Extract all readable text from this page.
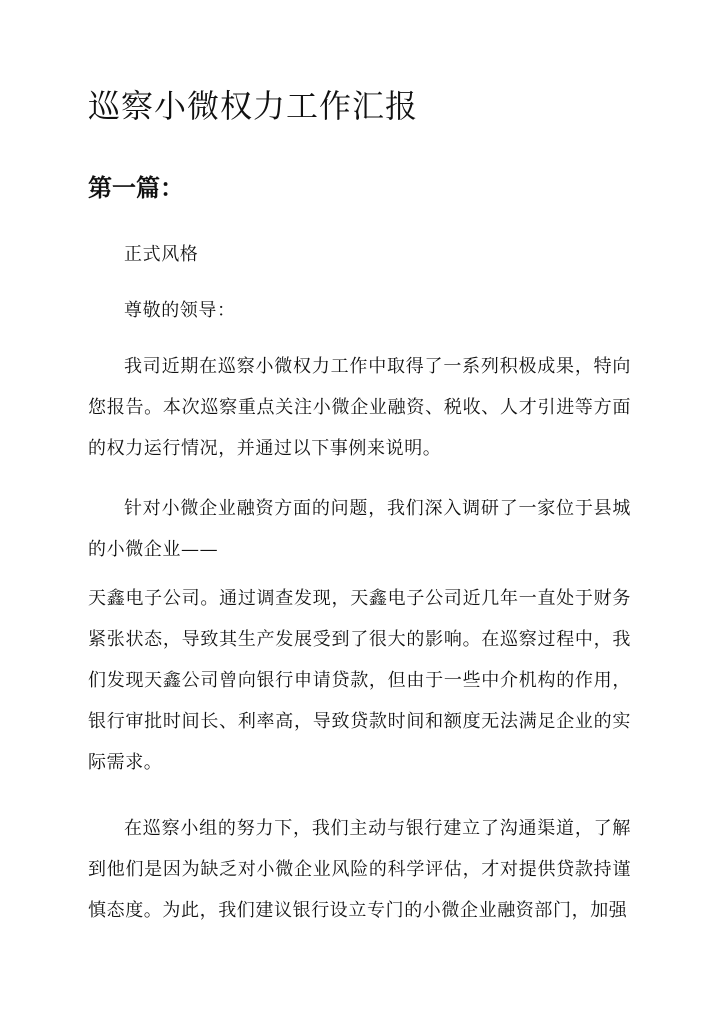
巡察小微权力工作汇报
第一篇：

正式风格

尊敬的领导：

我司近期在巡察小微权力工作中取得了一系列积极成果，特向您报告。本次巡察重点关注小微企业融资、税收、人才引进等方面的权力运行情况，并通过以下事例来说明。

针对小微企业融资方面的问题，我们深入调研了一家位于县城的小微企业——

天鑫电子公司。通过调查发现，天鑫电子公司近几年一直处于财务紧张状态，导致其生产发展受到了很大的影响。在巡察过程中，我们发现天鑫公司曾向银行申请贷款，但由于一些中介机构的作用，银行审批时间长、利率高，导致贷款时间和额度无法满足企业的实际需求。

在巡察小组的努力下，我们主动与银行建立了沟通渠道，了解到他们是因为缺乏对小微企业风险的科学评估，才对提供贷款持谨慎态度。为此，我们建议银行设立专门的小微企业融资部门，加强
